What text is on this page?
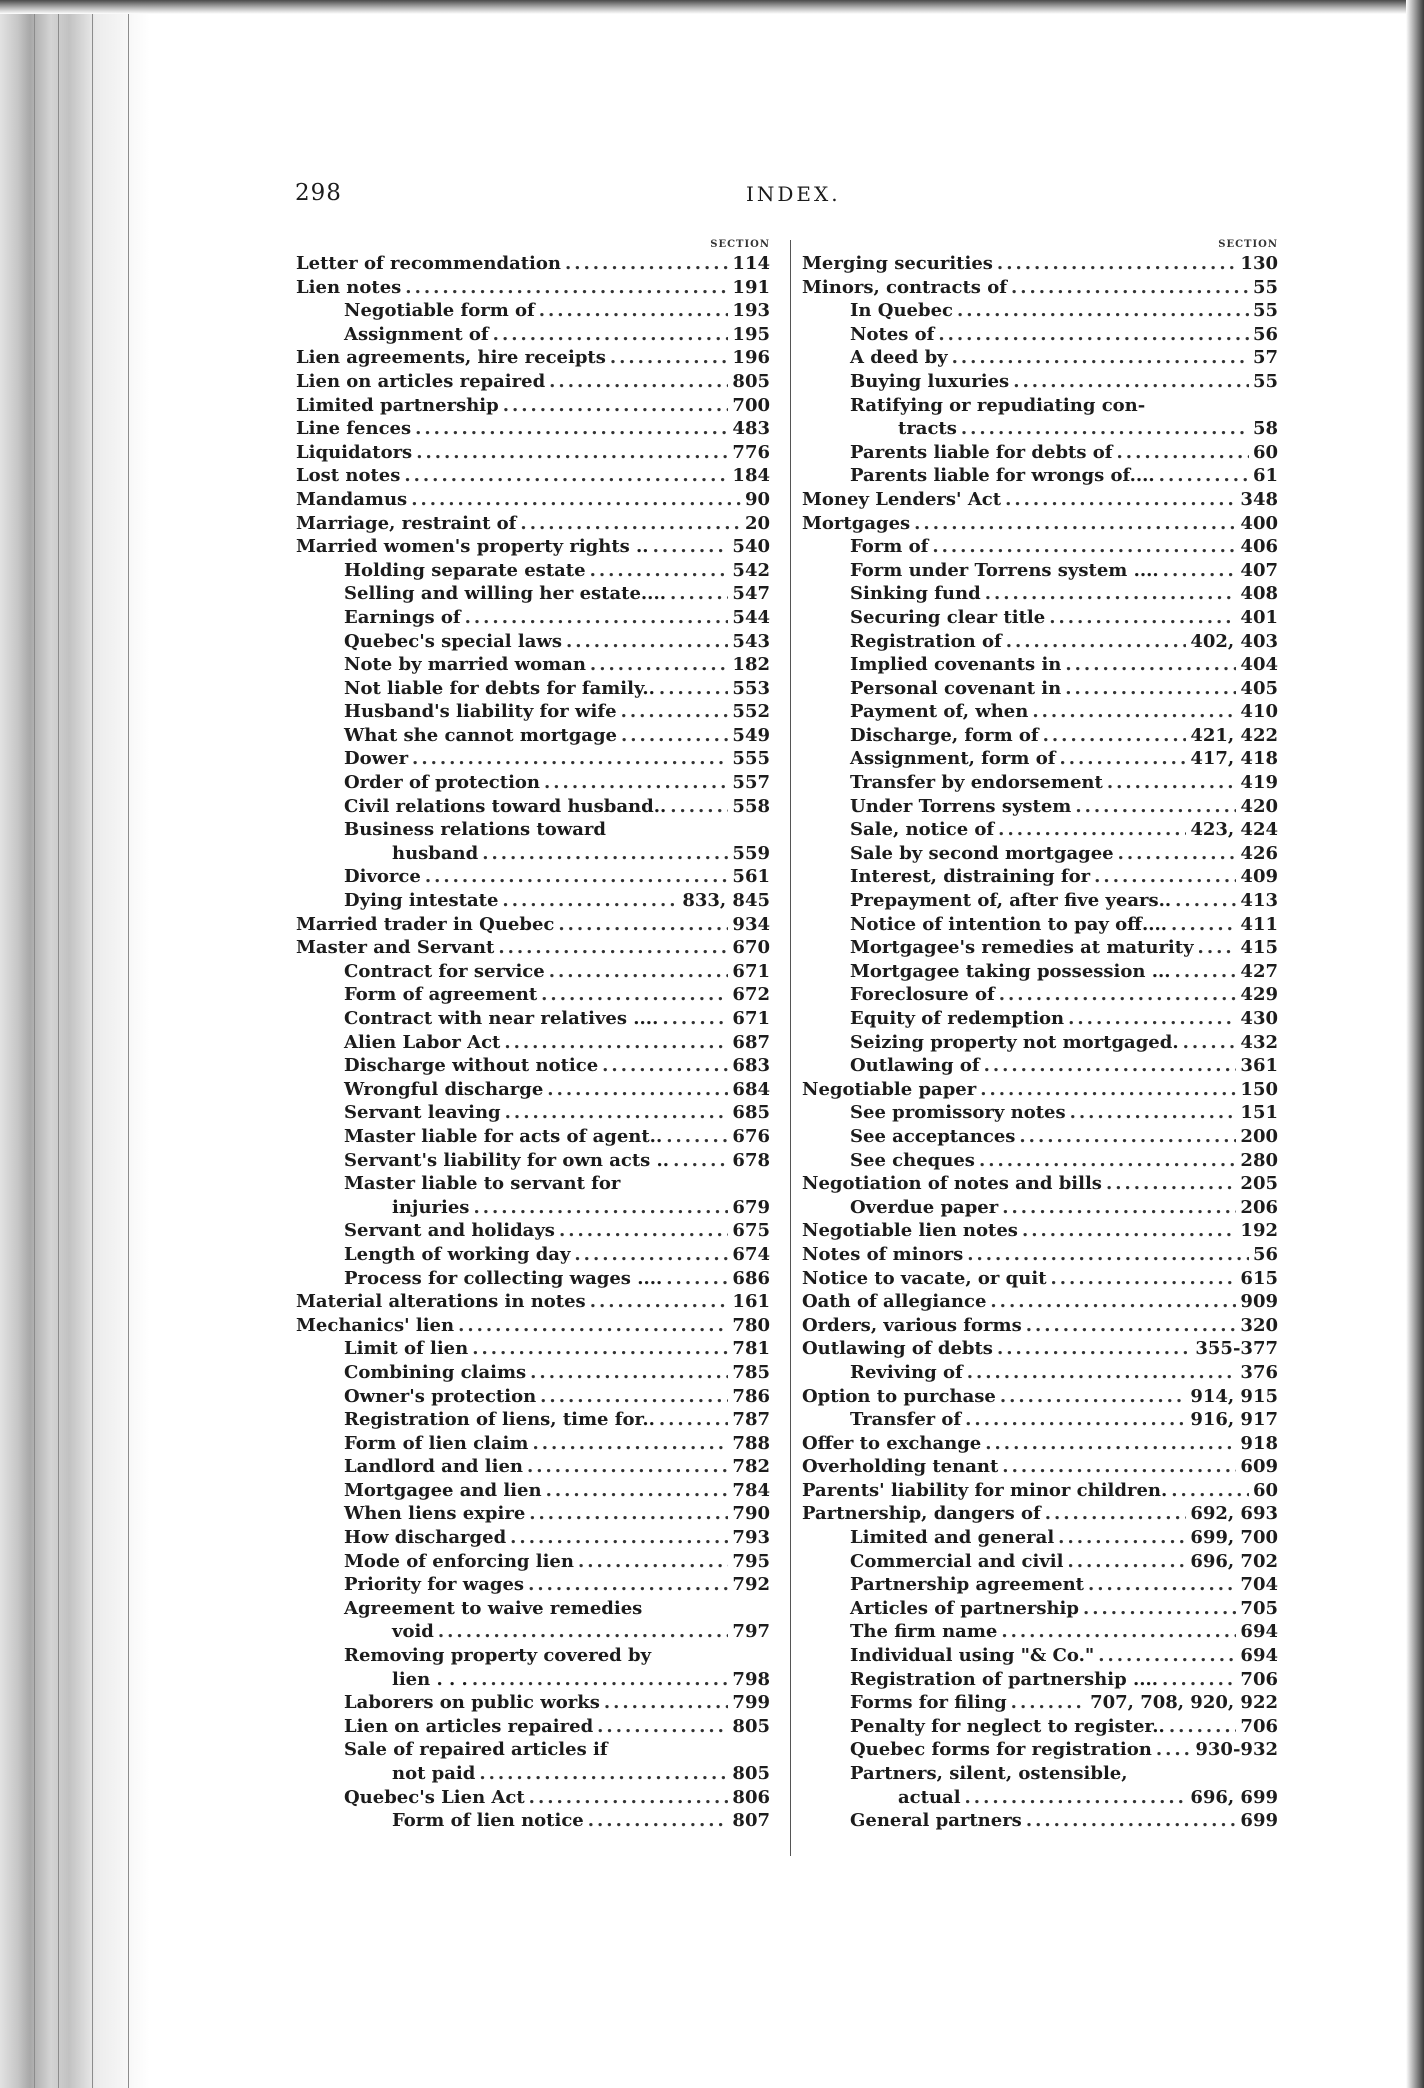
298	INDEX.
SECTION
Letter of recommendation .....	114
Lien notes .....	191
Negotiable form of .....	193
Assignment of .....	195
Lien agreements, hire receipts .....	196
Lien on articles repaired .....	805
Limited partnership .....	700
Line fences .....	483
Liquidators .....	776
Lost notes .....	184
Mandamus .....	90
Marriage, restraint of .....	20
Married women's property rights .. .....	540
Holding separate estate .....	542
Selling and willing her estate.... .....	547
Earnings of .....	544
Quebec's special laws .....	543
Note by married woman .....	182
Not liable for debts for family.. .....	553
Husband's liability for wife .....	552
What she cannot mortgage .....	549
Dower .....	555
Order of protection .....	557
Civil relations toward husband.. .....	558
Business relations toward
husband .....	559
Divorce .....	561
Dying intestate .....	833, 845
Married trader in Quebec .....	934
Master and Servant .....	670
Contract for service .....	671
Form of agreement .....	672
Contract with near relatives .... .....	671
Alien Labor Act .....	687
Discharge without notice .....	683
Wrongful discharge .....	684
Servant leaving .....	685
Master liable for acts of agent.. .....	676
Servant's liability for own acts .. .....	678
Master liable to servant for
injuries .....	679
Servant and holidays .....	675
Length of working day .....	674
Process for collecting wages .... .....	686
Material alterations in notes .....	161
Mechanics' lien .....	780
Limit of lien .....	781
Combining claims .....	785
Owner's protection .....	786
Registration of liens, time for.. .....	787
Form of lien claim .....	788
Landlord and lien .....	782
Mortgagee and lien .....	784
When liens expire .....	790
How discharged .....	793
Mode of enforcing lien .....	795
Priority for wages .....	792
Agreement to waive remedies
void .....	797
Removing property covered by
lien . . . .....	798
Laborers on public works .....	799
Lien on articles repaired .....	805
Sale of repaired articles if
not paid .....	805
Quebec's Lien Act .....	806
Form of lien notice .....	807
SECTION
Merging securities .....	130
Minors, contracts of .....	55
In Quebec .....	55
Notes of .....	56
A deed by .....	57
Buying luxuries .....	55
Ratifying or repudiating con-
tracts .....	58
Parents liable for debts of .....	60
Parents liable for wrongs of.... .....	61
Money Lenders' Act .....	348
Mortgages .....	400
Form of .....	406
Form under Torrens system .... .....	407
Sinking fund .....	408
Securing clear title .....	401
Registration of .....	402, 403
Implied covenants in .....	404
Personal covenant in .....	405
Payment of, when .....	410
Discharge, form of .....	421, 422
Assignment, form of .....	417, 418
Transfer by endorsement .....	419
Under Torrens system .....	420
Sale, notice of .....	423, 424
Sale by second mortgagee .....	426
Interest, distraining for .....	409
Prepayment of, after five years.. .....	413
Notice of intention to pay off.... .....	411
Mortgagee's remedies at maturity .....	415
Mortgagee taking possession ... .....	427
Foreclosure of .....	429
Equity of redemption .....	430
Seizing property not mortgaged. .....	432
Outlawing of .....	361
Negotiable paper .....	150
See promissory notes .....	151
See acceptances .....	200
See cheques .....	280
Negotiation of notes and bills .....	205
Overdue paper .....	206
Negotiable lien notes .....	192
Notes of minors .....	56
Notice to vacate, or quit .....	615
Oath of allegiance .....	909
Orders, various forms .....	320
Outlawing of debts .....	355-377
Reviving of .....	376
Option to purchase .....	914, 915
Transfer of .....	916, 917
Offer to exchange .....	918
Overholding tenant .....	609
Parents' liability for minor children. .....	60
Partnership, dangers of .....	692, 693
Limited and general .....	699, 700
Commercial and civil .....	696, 702
Partnership agreement .....	704
Articles of partnership .....	705
The firm name .....	694
Individual using "& Co." .....	694
Registration of partnership .... .....	706
Forms for filing .....	707, 708, 920, 922
Penalty for neglect to register.. .....	706
Quebec forms for registration ..... 930-932
Partners, silent, ostensible,
actual .....	696, 699
General partners .....	699
